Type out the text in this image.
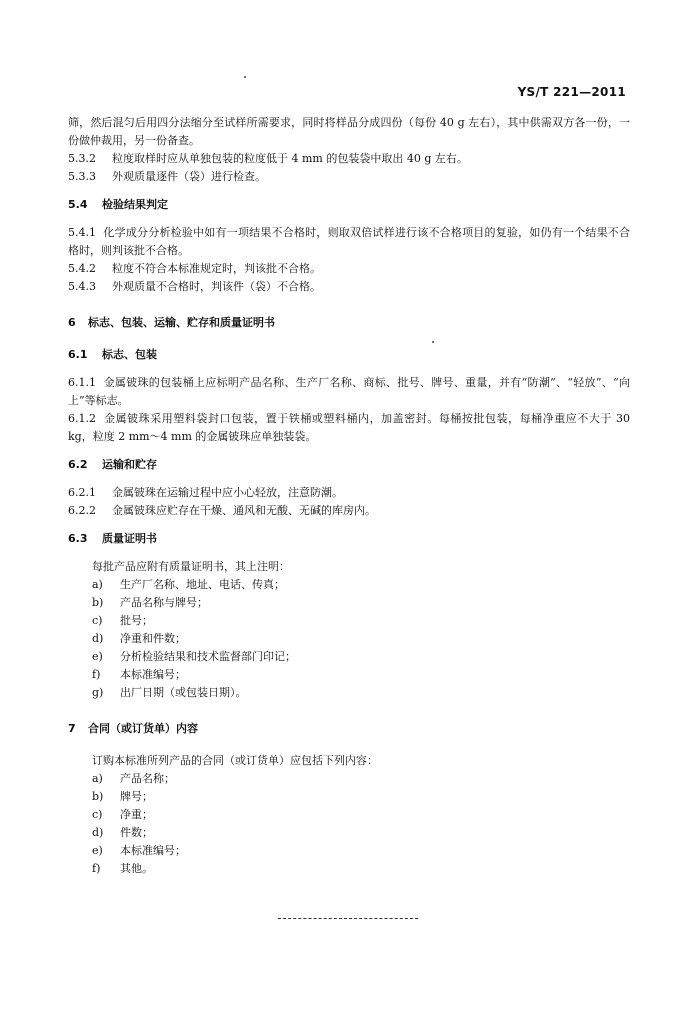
YS/T 221—2011

筛，然后混匀后用四分法缩分至试样所需要求，同时将样品分成四份（每份 40 g 左右），其中供需双方各一份，一份做仲裁用，另一份备查。

5.3.2	粒度取样时应从单独包装的粒度低于 4 mm 的包装袋中取出 40 g 左右。
5.3.3	外观质量逐件（袋）进行检查。
5.4	检验结果判定

5.4.1 化学成分分析检验中如有一项结果不合格时，则取双倍试样进行该不合格项目的复验，如仍有一个结果不合格时，则判该批不合格。

5.4.2	粒度不符合本标准规定时，判该批不合格。
5.4.3	外观质量不合格时，判该件（袋）不合格。
6	标志、包装、运输、贮存和质量证明书
6.1	标志、包装

6.1.1 金属铍珠的包装桶上应标明产品名称、生产厂名称、商标、批号、牌号、重量，并有“防潮”、“轻放”、“向上”等标志。

6.1.2 金属铍珠采用塑料袋封口包装，置于铁桶或塑料桶内，加盖密封。每桶按批包装，每桶净重应不大于 30 kg，粒度 2 mm～4 mm 的金属铍珠应单独装袋。

6.2	运输和贮存
6.2.1	金属铍珠在运输过程中应小心轻放，注意防潮。
6.2.2	金属铍珠应贮存在干燥、通风和无酸、无碱的库房内。
6.3	质量证明书
每批产品应附有质量证明书，其上注明：
a)	生产厂名称、地址、电话、传真；
b)	产品名称与牌号；
c)	批号；
d)	净重和件数；
e)	分析检验结果和技术监督部门印记；
f)	本标准编号；
g)	出厂日期（或包装日期）。
7	合同（或订货单）内容
订购本标准所列产品的合同（或订货单）应包括下列内容：
a)	产品名称；
b)	牌号；
c)	净重；
d)	件数；
e)	本标准编号；
f)	其他。
